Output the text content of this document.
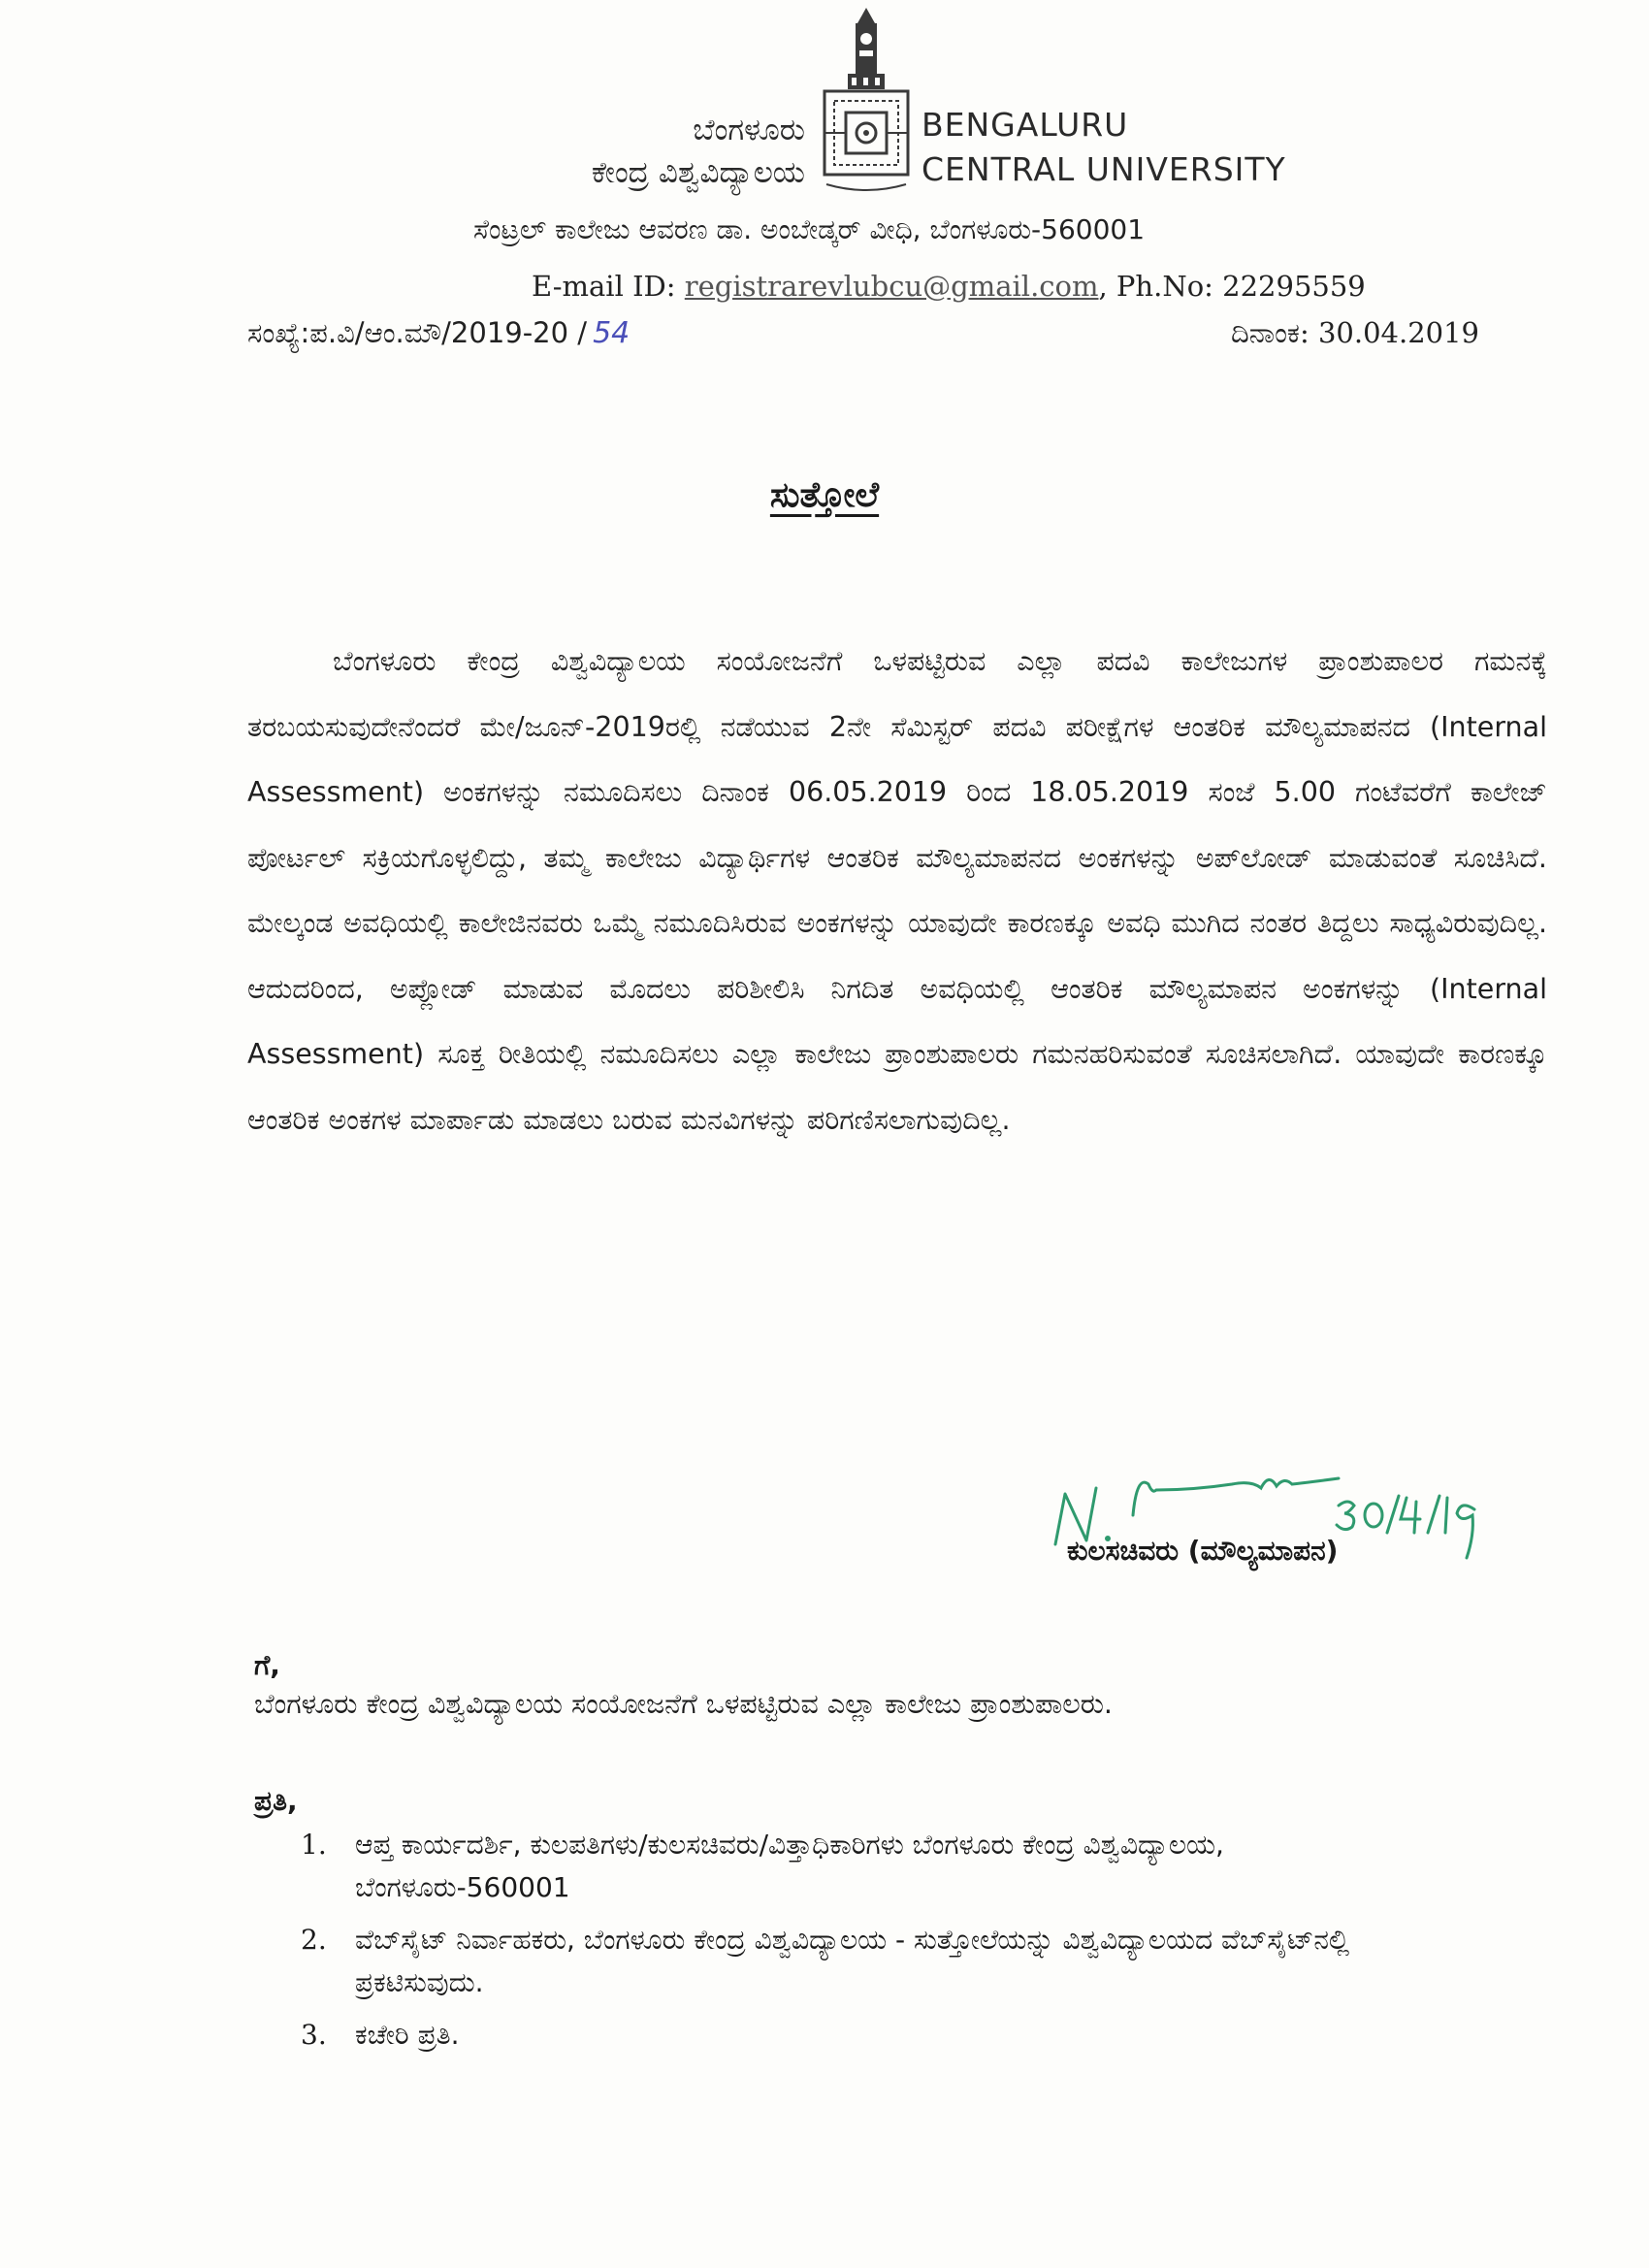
ಬೆಂಗಳೂರು
ಕೇಂದ್ರ ವಿಶ್ವವಿದ್ಯಾಲಯ
BENGALURU
CENTRAL UNIVERSITY
ಸೆಂಟ್ರಲ್ ಕಾಲೇಜು ಆವರಣ ಡಾ. ಅಂಬೇಡ್ಕರ್ ವೀಧಿ, ಬೆಂಗಳೂರು-560001
E-mail ID: registrarevlubcu@gmail.com, Ph.No: 22295559
ಸಂಖ್ಯೆ:ಪ.ವಿ/ಆಂ.ಮೌ/2019-20 / 54	ದಿನಾಂಕ: 30.04.2019
ಸುತ್ತೋಲೆ

ಬೆಂಗಳೂರು ಕೇಂದ್ರ ವಿಶ್ವವಿದ್ಯಾಲಯ ಸಂಯೋಜನೆಗೆ ಒಳಪಟ್ಟಿರುವ ಎಲ್ಲಾ ಪದವಿ ಕಾಲೇಜುಗಳ ಪ್ರಾಂಶುಪಾಲರ ಗಮನಕ್ಕೆ ತರಬಯಸುವುದೇನೆಂದರೆ ಮೇ/ಜೂನ್-2019ರಲ್ಲಿ ನಡೆಯುವ 2ನೇ ಸೆಮಿಸ್ಟರ್ ಪದವಿ ಪರೀಕ್ಷೆಗಳ ಆಂತರಿಕ ಮೌಲ್ಯಮಾಪನದ (Internal Assessment) ಅಂಕಗಳನ್ನು ನಮೂದಿಸಲು ದಿನಾಂಕ 06.05.2019 ರಿಂದ 18.05.2019 ಸಂಜೆ 5.00 ಗಂಟೆವರೆಗೆ ಕಾಲೇಜ್ ಪೋರ್ಟಲ್ ಸಕ್ರಿಯಗೊಳ್ಳಲಿದ್ದು, ತಮ್ಮ ಕಾಲೇಜು ವಿದ್ಯಾರ್ಥಿಗಳ ಆಂತರಿಕ ಮೌಲ್ಯಮಾಪನದ ಅಂಕಗಳನ್ನು ಅಪ್‌ಲೋಡ್ ಮಾಡುವಂತೆ ಸೂಚಿಸಿದೆ. ಮೇಲ್ಕಂಡ ಅವಧಿಯಲ್ಲಿ ಕಾಲೇಜಿನವರು ಒಮ್ಮೆ ನಮೂದಿಸಿರುವ ಅಂಕಗಳನ್ನು ಯಾವುದೇ ಕಾರಣಕ್ಕೂ ಅವಧಿ ಮುಗಿದ ನಂತರ ತಿದ್ದಲು ಸಾಧ್ಯವಿರುವುದಿಲ್ಲ. ಆದುದರಿಂದ, ಅಪ್ಲೋಡ್ ಮಾಡುವ ಮೊದಲು ಪರಿಶೀಲಿಸಿ ನಿಗದಿತ ಅವಧಿಯಲ್ಲಿ ಆಂತರಿಕ ಮೌಲ್ಯಮಾಪನ ಅಂಕಗಳನ್ನು (Internal Assessment) ಸೂಕ್ತ ರೀತಿಯಲ್ಲಿ ನಮೂದಿಸಲು ಎಲ್ಲಾ ಕಾಲೇಜು ಪ್ರಾಂಶುಪಾಲರು ಗಮನಹರಿಸುವಂತೆ ಸೂಚಿಸಲಾಗಿದೆ. ಯಾವುದೇ ಕಾರಣಕ್ಕೂ ಆಂತರಿಕ ಅಂಕಗಳ ಮಾರ್ಪಾಡು ಮಾಡಲು ಬರುವ ಮನವಿಗಳನ್ನು ಪರಿಗಣಿಸಲಾಗುವುದಿಲ್ಲ.

ಕುಲಸಚಿವರು (ಮೌಲ್ಯಮಾಪನ)
ಗೆ,
ಬೆಂಗಳೂರು ಕೇಂದ್ರ ವಿಶ್ವವಿದ್ಯಾಲಯ ಸಂಯೋಜನೆಗೆ ಒಳಪಟ್ಟಿರುವ ಎಲ್ಲಾ ಕಾಲೇಜು ಪ್ರಾಂಶುಪಾಲರು.
ಪ್ರತಿ,
1. ಆಪ್ತ ಕಾರ್ಯದರ್ಶಿ, ಕುಲಪತಿಗಳು/ಕುಲಸಚಿವರು/ವಿತ್ತಾಧಿಕಾರಿಗಳು ಬೆಂಗಳೂರು ಕೇಂದ್ರ ವಿಶ್ವವಿದ್ಯಾಲಯ, ಬೆಂಗಳೂರು-560001
2. ವೆಬ್‌ಸೈಟ್ ನಿರ್ವಾಹಕರು, ಬೆಂಗಳೂರು ಕೇಂದ್ರ ವಿಶ್ವವಿದ್ಯಾಲಯ - ಸುತ್ತೋಲೆಯನ್ನು ವಿಶ್ವವಿದ್ಯಾಲಯದ ವೆಬ್‌ಸೈಟ್‌ನಲ್ಲಿ ಪ್ರಕಟಿಸುವುದು.
3. ಕಚೇರಿ ಪ್ರತಿ.
